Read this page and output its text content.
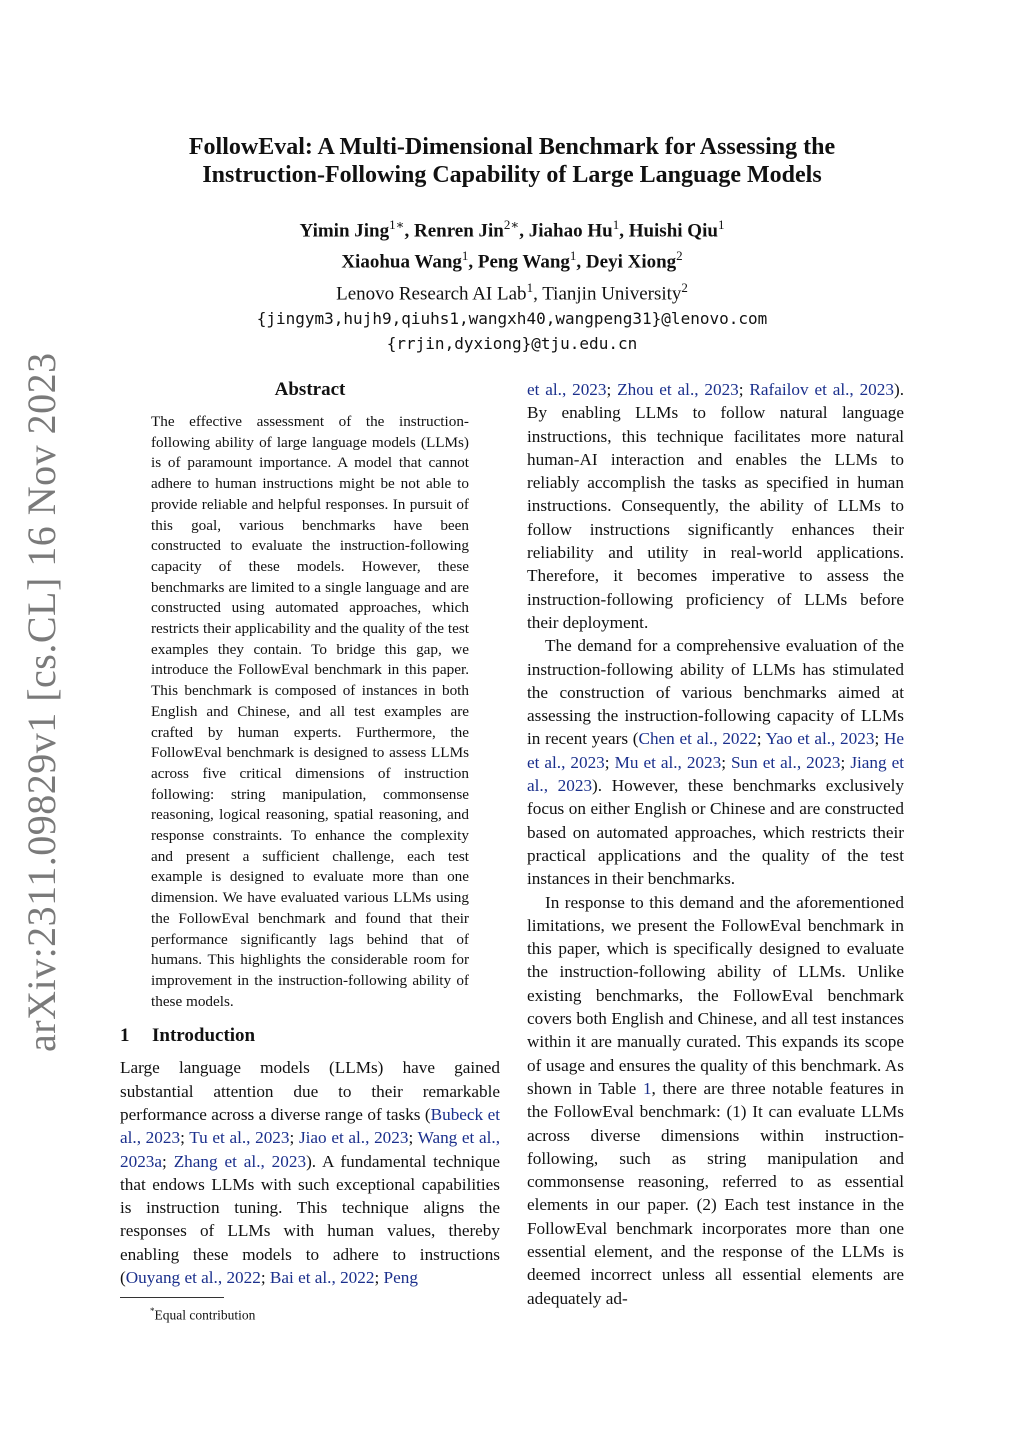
arXiv:2311.09829v1 [cs.CL] 16 Nov 2023
FollowEval: A Multi-Dimensional Benchmark for Assessing the
Instruction-Following Capability of Large Language Models
Yimin Jing$^{1∗}$, Renren Jin$^{2∗}$, Jiahao Hu$^1$, Huishi Qiu$^1$
Xiaohua Wang$^1$, Peng Wang$^1$, Deyi Xiong$^2$
Lenovo Research AI Lab$^1$, Tianjin University$^2$
{jingym3,hujh9,qiuhs1,wangxh40,wangpeng31}@lenovo.com
{rrjin,dyxiong}@tju.edu.cn
Abstract
The effective assessment of the instruction-following ability of large language models (LLMs) is of paramount importance. A model that cannot adhere to human instructions might be not able to provide reliable and helpful responses. In pursuit of this goal, various benchmarks have been constructed to evaluate the instruction-following capacity of these models. However, these benchmarks are limited to a single language and are constructed using automated approaches, which restricts their applicability and the quality of the test examples they contain. To bridge this gap, we introduce the FollowEval benchmark in this paper. This benchmark is composed of instances in both English and Chinese, and all test examples are crafted by human experts. Furthermore, the FollowEval benchmark is designed to assess LLMs across five critical dimensions of instruction following: string manipulation, commonsense reasoning, logical reasoning, spatial reasoning, and response constraints. To enhance the complexity and present a sufficient challenge, each test example is designed to evaluate more than one dimension. We have evaluated various LLMs using the FollowEval benchmark and found that their performance significantly lags behind that of humans. This highlights the considerable room for improvement in the instruction-following ability of these models.
1 Introduction

Large language models (LLMs) have gained substantial attention due to their remarkable performance across a diverse range of tasks (Bubeck et al., 2023; Tu et al., 2023; Jiao et al., 2023; Wang et al., 2023a; Zhang et al., 2023). A fundamental technique that endows LLMs with such exceptional capabilities is instruction tuning. This technique aligns the responses of LLMs with human values, thereby enabling these models to adhere to instructions (Ouyang et al., 2022; Bai et al., 2022; Peng

*Equal contribution

et al., 2023; Zhou et al., 2023; Rafailov et al., 2023). By enabling LLMs to follow natural language instructions, this technique facilitates more natural human-AI interaction and enables the LLMs to reliably accomplish the tasks as specified in human instructions. Consequently, the ability of LLMs to follow instructions significantly enhances their reliability and utility in real-world applications. Therefore, it becomes imperative to assess the instruction-following proficiency of LLMs before their deployment.

The demand for a comprehensive evaluation of the instruction-following ability of LLMs has stimulated the construction of various benchmarks aimed at assessing the instruction-following capacity of LLMs in recent years (Chen et al., 2022; Yao et al., 2023; He et al., 2023; Mu et al., 2023; Sun et al., 2023; Jiang et al., 2023). However, these benchmarks exclusively focus on either English or Chinese and are constructed based on automated approaches, which restricts their practical applications and the quality of the test instances in their benchmarks.

In response to this demand and the aforementioned limitations, we present the FollowEval benchmark in this paper, which is specifically designed to evaluate the instruction-following ability of LLMs. Unlike existing benchmarks, the FollowEval benchmark covers both English and Chinese, and all test instances within it are manually curated. This expands its scope of usage and ensures the quality of this benchmark. As shown in Table 1, there are three notable features in the FollowEval benchmark: (1) It can evaluate LLMs across diverse dimensions within instruction-following, such as string manipulation and commonsense reasoning, referred to as essential elements in our paper. (2) Each test instance in the FollowEval benchmark incorporates more than one essential element, and the response of the LLMs is deemed incorrect unless all essential elements are adequately ad-
